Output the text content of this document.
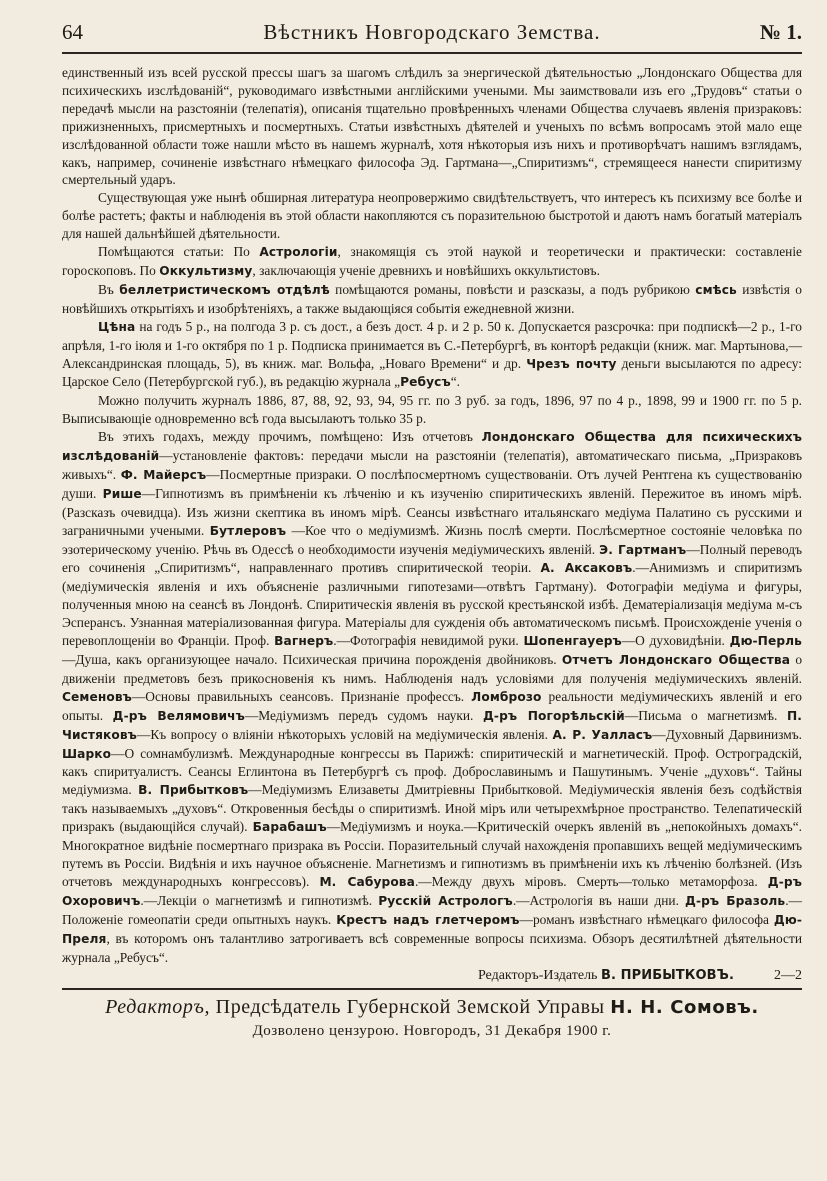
64	Вѣстникъ Новгородскаго Земства.	№ 1.

единственный изъ всей русской прессы шагъ за шагомъ слѣдилъ за энергической дѣятельностью „Лондонскаго Общества для психическихъ изслѣдованій“, руководимаго извѣстными англійскими учеными. Мы заимствовали изъ его „Трудовъ“ статьи о передачѣ мысли на разстояніи (телепатія), описанія тщательно провѣренныхъ членами Общества случаевъ явленія призраковъ: прижизненныхъ, присмертныхъ и посмертныхъ. Статьи извѣстныхъ дѣятелей и ученыхъ по всѣмъ вопросамъ этой мало еще изслѣдованной области тоже нашли мѣсто въ нашемъ журналѣ, хотя нѣкоторыя изъ нихъ и противорѣчатъ нашимъ взглядамъ, какъ, например, сочиненіе извѣстнаго нѣмецкаго философа Эд. Гартмана—„Спиритизмъ“, стремящееся нанести спиритизму смертельный ударъ.

Существующая уже нынѣ обширная литература неопровержимо свидѣтельствуетъ, что интересъ къ психизму все болѣе и болѣе растетъ; факты и наблюденія въ этой области накопляются съ поразительною быстротой и даютъ намъ богатый матеріалъ для нашей дальнѣйшей дѣятельности.

Помѣщаются статьи: По Астрологіи, знакомящія съ этой наукой и теоретически и практически: составленіе гороскоповъ. По Оккультизму, заключающія ученіе древнихъ и новѣйшихъ оккультистовъ.

Въ беллетристическомъ отдѣлѣ помѣщаются романы, повѣсти и разсказы, а подъ рубрикою смѣсь извѣстія о новѣйшихъ открытіяхъ и изобрѣтеніяхъ, а также выдающіяся событія ежедневной жизни.

Цѣна на годъ 5 р., на полгода 3 р. съ дост., а безъ дост. 4 р. и 2 р. 50 к. Допускается разсрочка: при подпискѣ—2 р., 1-го апрѣля, 1-го іюля и 1-го октября по 1 р. Подписка принимается въ С.-Петербургѣ, въ конторѣ редакціи (книж. маг. Мартынова,—Александринская площадь, 5), въ книж. маг. Вольфа, „Новаго Времени“ и др. Чрезъ почту деньги высылаются по адресу: Царское Село (Петербургской губ.), въ редакцію журнала „Ребусъ“.

Можно получить журналъ 1886, 87, 88, 92, 93, 94, 95 гг. по 3 руб. за годъ, 1896, 97 по 4 р., 1898, 99 и 1900 гг. по 5 р. Выписывающіе одновременно всѣ года высылаютъ только 35 р.

Въ этихъ годахъ, между прочимъ, помѣщено: Изъ отчетовъ Лондонскаго Общества для психическихъ изслѣдованій—установленіе фактовъ: передачи мысли на разстояніи (телепатія), автоматическаго письма, „Призраковъ живыхъ“. Ф. Майерсъ—Посмертные призраки. О послѣпосмертномъ существованіи. Отъ лучей Рентгена къ существованію души. Рише—Гипнотизмъ въ примѣненіи къ лѣченію и къ изученію спиритическихъ явленій. Пережитое въ иномъ мірѣ. (Разсказъ очевидца). Изъ жизни скептика въ иномъ мірѣ. Сеансы извѣстнаго итальянскаго медіума Палатино съ русскими и заграничными учеными. Бутлеровъ —Кое что о медіумизмѣ. Жизнь послѣ смерти. Послѣсмертное состояніе человѣка по эзотерическому ученію. Рѣчь въ Одессѣ о необходимости изученія медіумическихъ явленій. Э. Гартманъ—Полный переводъ его сочиненія „Спиритизмъ“, направленнаго противъ спиритической теоріи. А. Аксаковъ.—Анимизмъ и спиритизмъ (медіумическія явленія и ихъ объясненіе различными гипотезами—отвѣтъ Гартману). Фотографіи медіума и фигуры, полученныя мною на сеансѣ въ Лондонѣ. Спиритическія явленія въ русской крестьянской избѣ. Дематеріализація медіума м-съ Эсперансъ. Узнанная матеріализованная фигура. Матеріалы для сужденія объ автоматическомъ письмѣ. Происхожденіе ученія о перевоплощеніи во Франціи. Проф. Вагнеръ.—Фотографія невидимой руки. Шопенгауеръ—О духовидѣніи. Дю-Перль—Душа, какъ организующее начало. Психическая причина порожденія двойниковъ. Отчетъ Лондонскаго Общества о движеніи предметовъ безъ прикосновенія къ нимъ. Наблюденія надъ условіями для полученія медіумическихъ явленій. Семеновъ—Основы правильныхъ сеансовъ. Признаніе профессъ. Ломброзо реальности медіумическихъ явленій и его опыты. Д-ръ Велямовичъ—Медіумизмъ передъ судомъ науки. Д-ръ Погорѣльскій—Письма о магнетизмѣ. П. Чистяковъ—Къ вопросу о вліяніи нѣкоторыхъ условій на медіумическія явленія. А. Р. Уалласъ—Духовный Дарвинизмъ. Шарко—О сомнамбулизмѣ. Международные конгрессы въ Парижѣ: спиритическій и магнетическій. Проф. Остроградскій, какъ спиритуалистъ. Сеансы Еглинтона въ Петербургѣ съ проф. Доброславинымъ и Пашутинымъ. Ученіе „духовъ“. Тайны медіумизма. В. Прибытковъ—Медіумизмъ Елизаветы Дмитріевны Прибытковой. Медіумическія явленія безъ содѣйствія такъ называемыхъ „духовъ“. Откровенныя бесѣды о спиритизмѣ. Иной міръ или четырехмѣрное пространство. Телепатическій призракъ (выдающійся случай). Барабашъ—Медіумизмъ и ноука.—Критическій очеркъ явленій въ „непокойныхъ домахъ“. Многократное видѣніе посмертнаго призрака въ Россіи. Поразительный случай нахожденія пропавшихъ вещей медіумическимъ путемъ въ Россіи. Видѣнія и ихъ научное объясненіе. Магнетизмъ и гипнотизмъ въ примѣненіи ихъ къ лѣченію болѣзней. (Изъ отчетовъ международныхъ конгрессовъ). М. Сабурова.—Между двухъ міровъ. Смерть—только метаморфоза. Д-ръ Охоровичъ.—Лекціи о магнетизмѣ и гипнотизмѣ. Русскій Астрологъ.—Астрологія въ наши дни. Д-ръ Бразоль.—Положеніе гомеопатіи среди опытныхъ наукъ. Крестъ надъ глетчеромъ—романъ извѣстнаго нѣмецкаго философа Дю-Преля, въ которомъ онъ талантливо затрогиваетъ всѣ современные вопросы психизма. Обзоръ десятилѣтней дѣятельности журнала „Ребусъ“.

Редакторъ-Издатель В. ПРИБЫТКОВЪ.	2—2
Редакторъ, Предсѣдатель Губернской Земской Управы Н. Н. Сомовъ.
Дозволено цензурою. Новгородъ, 31 Декабря 1900 г.
